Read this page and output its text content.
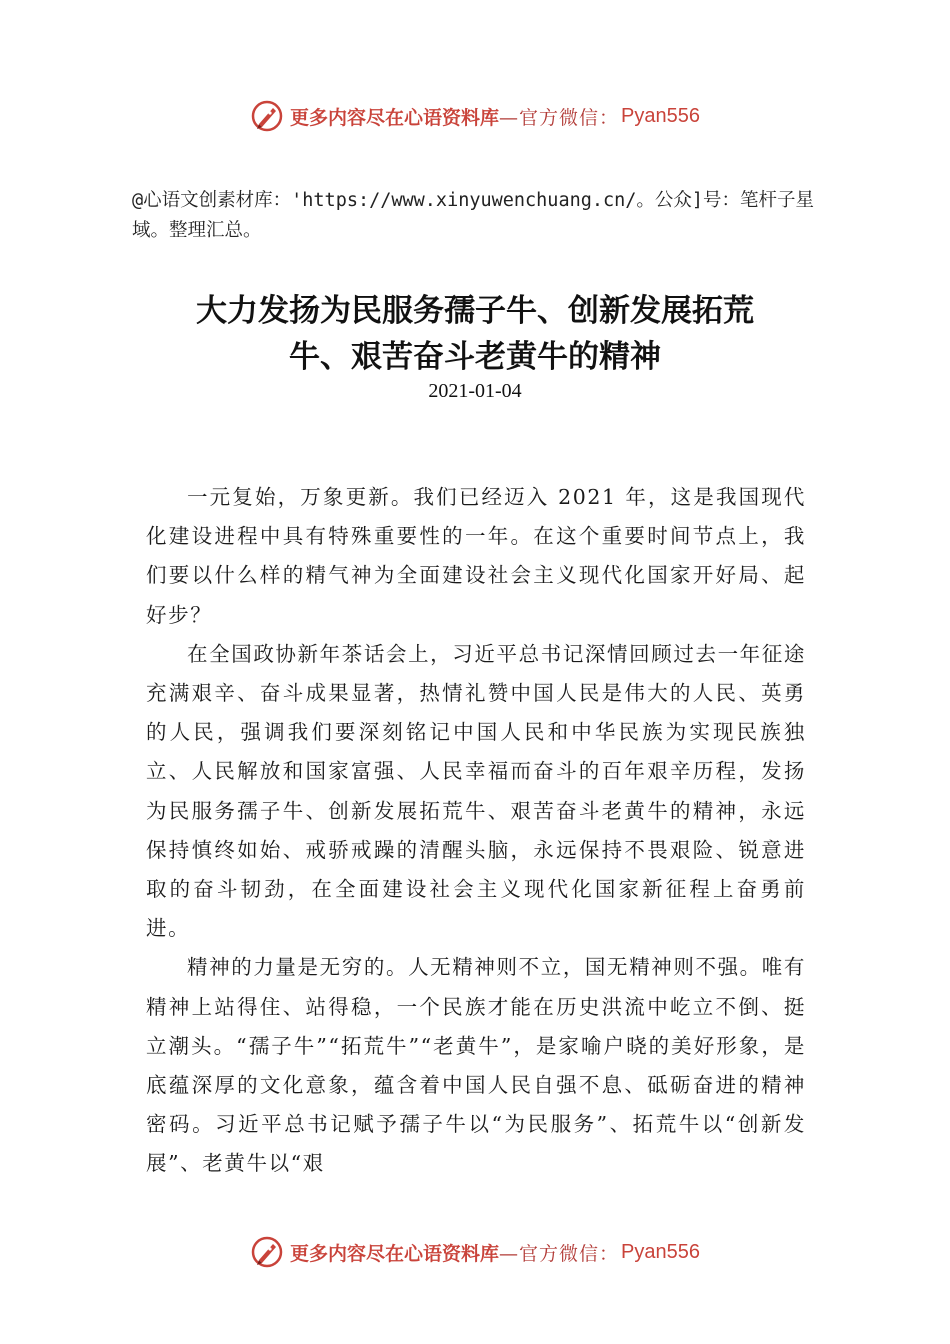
更多内容尽在心语资料库 —官方微信： Pyan556
@心语文创素材库：'https://www.xinyuwenchuang.cn/。公众]号：笔杆子星域。整理汇总。
大力发扬为民服务孺子牛、创新发展拓荒
牛、艰苦奋斗老黄牛的精神
2021-01-04

一元复始，万象更新。我们已经迈入 2021 年，这是我国现代化建设进程中具有特殊重要性的一年。在这个重要时间节点上，我们要以什么样的精气神为全面建设社会主义现代化国家开好局、起好步？

在全国政协新年茶话会上，习近平总书记深情回顾过去一年征途充满艰辛、奋斗成果显著，热情礼赞中国人民是伟大的人民、英勇的人民，强调我们要深刻铭记中国人民和中华民族为实现民族独立、人民解放和国家富强、人民幸福而奋斗的百年艰辛历程，发扬为民服务孺子牛、创新发展拓荒牛、艰苦奋斗老黄牛的精神，永远保持慎终如始、戒骄戒躁的清醒头脑，永远保持不畏艰险、锐意进取的奋斗韧劲，在全面建设社会主义现代化国家新征程上奋勇前进。

精神的力量是无穷的。人无精神则不立，国无精神则不强。唯有精神上站得住、站得稳，一个民族才能在历史洪流中屹立不倒、挺立潮头。“孺子牛”“拓荒牛”“老黄牛”，是家喻户晓的美好形象，是底蕴深厚的文化意象，蕴含着中国人民自强不息、砥砺奋进的精神密码。习近平总书记赋予孺子牛以“为民服务”、拓荒牛以“创新发展”、老黄牛以“艰

更多内容尽在心语资料库 —官方微信： Pyan556
